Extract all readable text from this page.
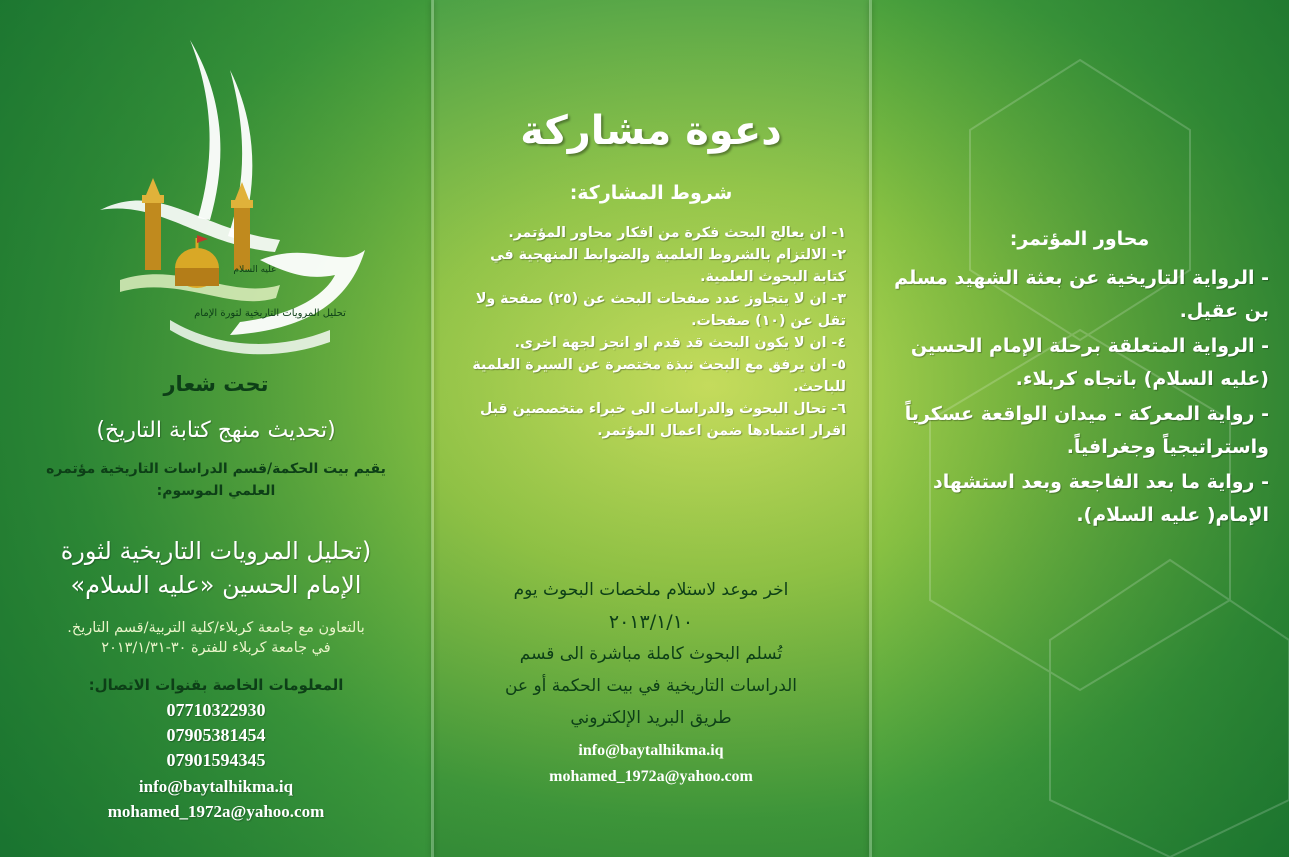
عليه السلام
تحليل المرويات التاريخية لثورة الإمام
تحت شعار
(تحديث منهج كتابة التاريخ)
يقيم بيت الحكمة/قسم الدراسات التاريخية مؤتمره
العلمي الموسوم:
(تحليل المرويات التاريخية لثورة
الإمام الحسين «عليه السلام»
بالتعاون مع جامعة كربلاء/كلية التربية/قسم التاريخ.
في جامعة كربلاء للفترة ٣٠-٢٠١٣/١/٣١
المعلومات الخاصة بقنوات الاتصال:
07710322930
07905381454
07901594345
info@baytalhikma.iq
mohamed_1972a@yahoo.com
دعوة مشاركة
شروط المشاركة:

١- ان يعالج البحث فكرة من افكار محاور المؤتمر.

٢- الالتزام بالشروط العلمية والضوابط المنهجية في كتابة البحوث العلمية.

٣- ان لا يتجاوز عدد صفحات البحث عن (٢٥) صفحة ولا تقل عن (١٠) صفحات.

٤- ان لا يكون البحث قد قدم او انجز لجهة اخرى.

٥- ان يرفق مع البحث نبذة مختصرة عن السيرة العلمية للباحث.

٦- تحال البحوث والدراسات الى خبراء متخصصين قبل اقرار اعتمادها ضمن اعمال المؤتمر.

اخر موعد لاستلام ملخصات البحوث يوم

٢٠١٣/١/١٠

تُسلم البحوث كاملة مباشرة الى قسم

الدراسات التاريخية في بيت الحكمة أو عن

طريق البريد الإلكتروني

info@baytalhikma.iq
mohamed_1972a@yahoo.com
محاور المؤتمر:

- الرواية التاريخية عن بعثة الشهيد مسلم بن عقيل.

- الرواية المتعلقة برحلة الإمام الحسين (عليه السلام) باتجاه كربلاء.

- رواية المعركة - ميدان الواقعة عسكرياً واستراتيجياً وجغرافياً.

- رواية ما بعد الفاجعة وبعد استشهاد الإمام( عليه السلام).
